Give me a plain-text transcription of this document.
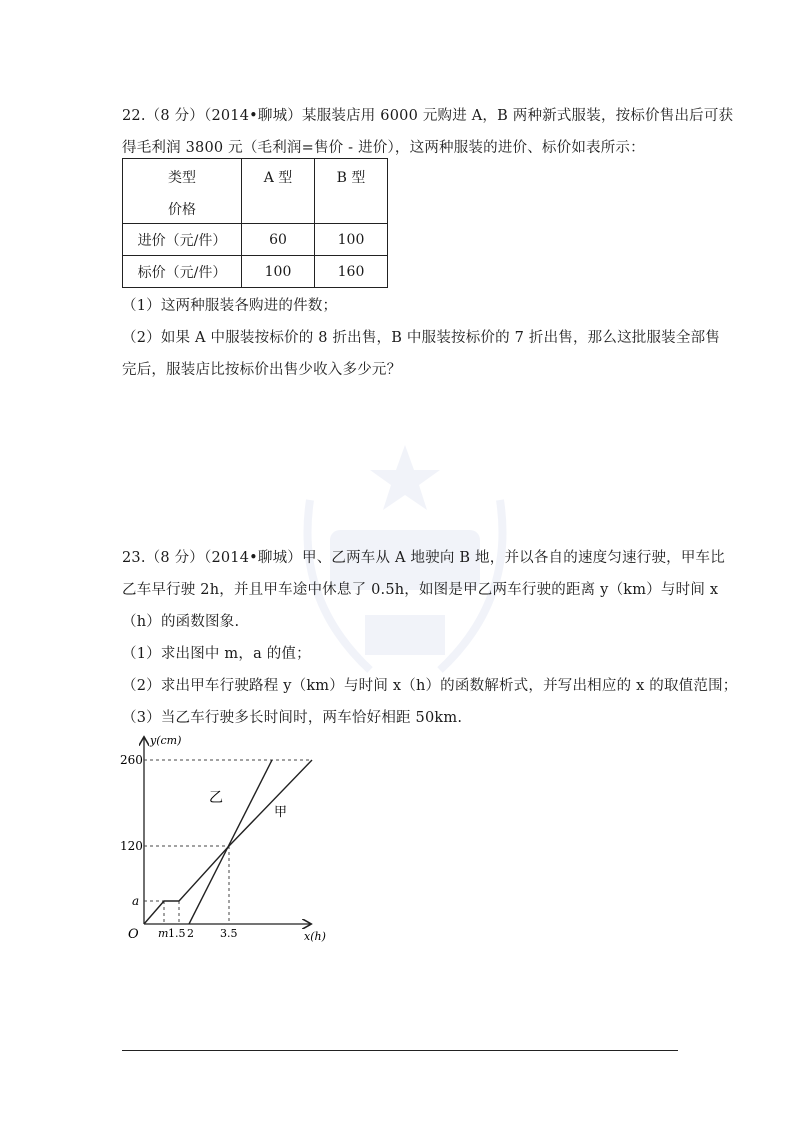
22.（8 分）（2014•聊城）某服装店用 6000 元购进 A，B 两种新式服装，按标价售出后可获
得毛利润 3800 元（毛利润=售价 - 进价），这两种服装的进价、标价如表所示：
类型
价格	A 型	B 型

进价（元/件）	60	100
标价（元/件）	100	160
（1）这两种服装各购进的件数；
（2）如果 A 中服装按标价的 8 折出售，B 中服装按标价的 7 折出售，那么这批服装全部售
完后，服装店比按标价出售少收入多少元？
23.（8 分）（2014•聊城）甲、乙两车从 A 地驶向 B 地，并以各自的速度匀速行驶，甲车比
乙车早行驶 2h，并且甲车途中休息了 0.5h，如图是甲乙两车行驶的距离 y（km）与时间 x
（h）的函数图象.
（1）求出图中 m，a 的值；
（2）求出甲车行驶路程 y（km）与时间 x（h）的函数解析式，并写出相应的 x 的取值范围；
（3）当乙车行驶多长时间时，两车恰好相距 50km.
y(cm)
x(h)
O
260
120
a
m 1.5 2 3.5
乙
甲
